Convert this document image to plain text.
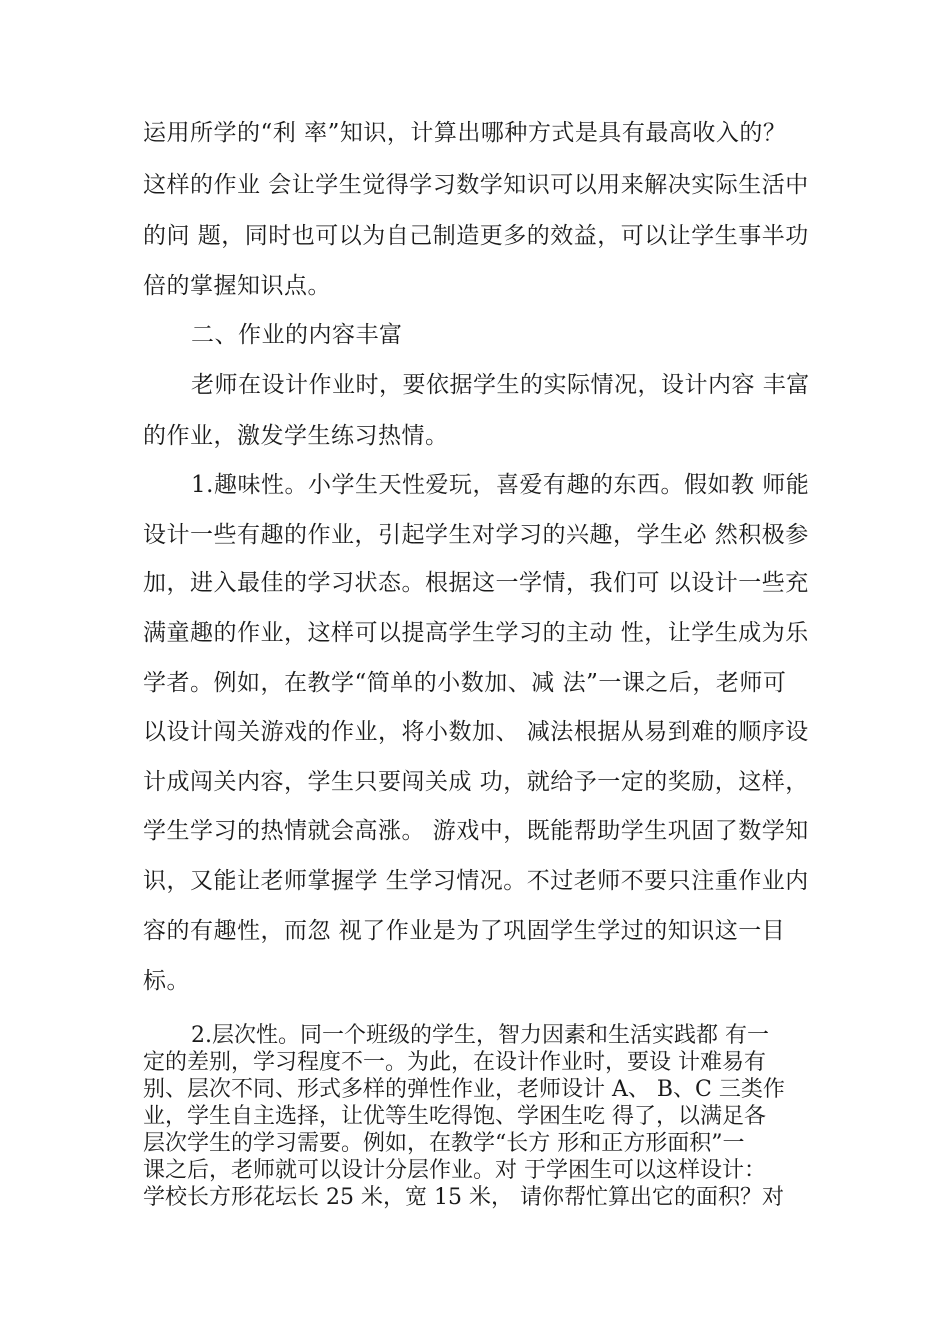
运用所学的“利 率”知识，计算出哪种方式是具有最高收入的？
这样的作业 会让学生觉得学习数学知识可以用来解决实际生活中
的问 题，同时也可以为自己制造更多的效益，可以让学生事半功
倍的掌握知识点。
二、作业的内容丰富
老师在设计作业时，要依据学生的实际情况，设计内容 丰富
的作业，激发学生练习热情。
1.趣味性。小学生天性爱玩，喜爱有趣的东西。假如教 师能
设计一些有趣的作业，引起学生对学习的兴趣，学生必 然积极参
加，进入最佳的学习状态。根据这一学情，我们可 以设计一些充
满童趣的作业，这样可以提高学生学习的主动 性，让学生成为乐
学者。例如，在教学“简单的小数加、减 法”一课之后，老师可
以设计闯关游戏的作业，将小数加、 减法根据从易到难的顺序设
计成闯关内容，学生只要闯关成 功，就给予一定的奖励，这样，
学生学习的热情就会高涨。 游戏中，既能帮助学生巩固了数学知
识，又能让老师掌握学 生学习情况。不过老师不要只注重作业内
容的有趣性，而忽 视了作业是为了巩固学生学过的知识这一目
标。
2.层次性。同一个班级的学生，智力因素和生活实践都 有一
定的差别，学习程度不一。为此，在设计作业时，要设 计难易有
别、层次不同、形式多样的弹性作业，老师设计 A、 B、C 三类作
业，学生自主选择，让优等生吃得饱、学困生吃 得了，以满足各
层次学生的学习需要。例如，在教学“长方 形和正方形面积”一
课之后，老师就可以设计分层作业。对 于学困生可以这样设计：
学校长方形花坛长 25 米，宽 15 米， 请你帮忙算出它的面积？对
